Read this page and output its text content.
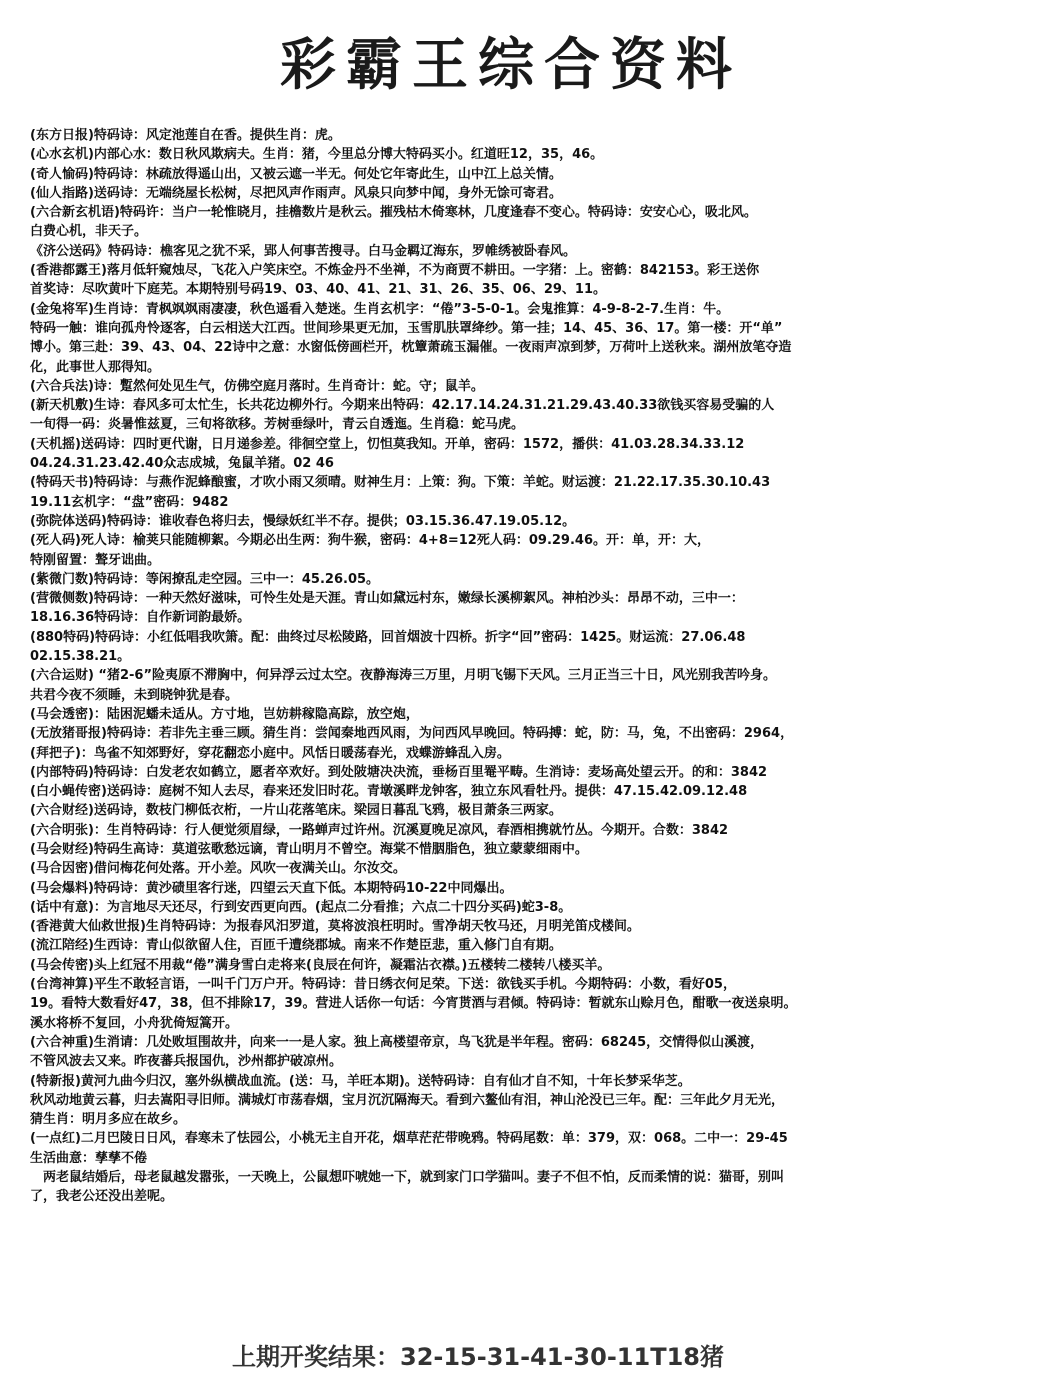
彩霸王综合资料

(东方日报)特码诗：风定池莲自在香。提供生肖：虎。

(心水玄机)内部心水：数日秋风欺病夫。生肖：猪，今里总分博大特码买小。红道旺12，35，46。

(奇人愉码)特码诗：林疏放得遥山出，又被云遮一半无。何处它年寄此生，山中江上总关情。

(仙人指路)送码诗：无端绕屋长松树，尽把风声作雨声。风泉只向梦中闻，身外无馀可寄君。

(六合新玄机语)特码许：当户一轮惟晓月，挂檐数片是秋云。摧残枯木倚寒林，几度逢春不变心。特码诗：安安心心，吸北风。
白费心机，非天子。

《济公送码》特码诗：樵客见之犹不采，郢人何事苦搜寻。白马金羁辽海东，罗帷绣被卧春风。

(香港都露王)落月低轩窥烛尽，飞花入户笑床空。不炼金丹不坐禅，不为商贾不耕田。一字猪：上。密鹤：842153。彩王送你
首奖诗：尽吹黄叶下庭芜。本期特别号码19、03、40、41、21、31、26、35、06、29、11。

(金兔将军)生肖诗：青枫飒飒雨凄凄，秋色遥看入楚迷。生肖玄机字：“倦”3-5-0-1。会鬼推算：4-9-8-2-7.生肖：牛。
特码一触：谁向孤舟怜逐客，白云相送大江西。世间珍果更无加，玉雪肌肤罩绛纱。第一挂；14、45、36、17。第一楼：开“单”
博小。第三赴：39、43、04、22诗中之意：水窗低傍画栏开，枕簟萧疏玉漏催。一夜雨声凉到梦，万荷叶上送秋来。湖州放笔夺造
化，此事世人那得知。

(六合兵法)诗：蹔然何处见生气，仿佛空庭月落时。生肖奇计：蛇。守；鼠羊。

(新天机敷)生诗：春风多可太忙生，长共花边柳外行。今期来出特码：42.17.14.24.31.21.29.43.40.33欲钱买容易受骗的人
一旬得一码：炎暑惟兹夏，三旬将欲移。芳树垂绿叶，青云自透迤。生肖稳：蛇马虎。

(天机摇)送码诗：四时更代谢，日月递参差。徘徊空堂上，忉怛莫我知。开单，密码：1572，播供：41.03.28.34.33.12
04.24.31.23.42.40众志成城，兔鼠羊猪。02 46

(特码天书)特码诗：与燕作泥蜂酿蜜，才吹小雨又须晴。财神生月：上策：狗。下策：羊蛇。财运渡：21.22.17.35.30.10.43
19.11玄机字：“盘”密码：9482

(弥院体送码)特码诗：谁收春色将归去，慢绿妖红半不存。提供；03.15.36.47.19.05.12。

(死人码)死人诗：榆荚只能随柳絮。今期必出生两：狗牛猴，密码：4+8=12死人码：09.29.46。开：单，开：大，
特刚留置：聱牙诎曲。

(紫微门数)特码诗：等闲撩乱走空园。三中一：45.26.05。

(营微侧数)特码诗：一种天然好滋味，可怜生处是天涯。青山如黛远村东，嫩绿长溪柳絮风。神柏沙头：昂昂不动，三中一：
18.16.36特码诗：自作新词韵最娇。

(880特码)特码诗：小红低唱我吹箫。配：曲终过尽松陵路，回首烟波十四桥。折字“回”密码：1425。财运流：27.06.48
02.15.38.21。

(六合运财) “猪2-6”险夷原不滞胸中，何异浮云过太空。夜静海涛三万里，月明飞锡下天风。三月正当三十日，风光别我苦吟身。
共君今夜不须睡，未到晓钟犹是春。

(马会透密)：陆困泥蟠未适从。方寸地，岂妨耕稼隐高踪，放空炮，

(无放猪哥报)特码诗：若非先主垂三顾。猜生肖：尝闻秦地西风雨，为问西风早晚回。特码搏：蛇，防：马，兔，不出密码：2964，

(拜把子)：鸟雀不知郊野好，穿花翻恋小庭中。风恬日暖荡春光，戏蝶游蜂乱入房。

(内部特码)特码诗：白发老农如鹤立，愿者卒欢好。到处陂塘决决流，垂杨百里罨平畴。生消诗：麦场高处望云开。的和：3842

(白小蝇传密)送码诗：庭树不知人去尽，春来还发旧时花。青墩溪畔龙钟客，独立东风看牡丹。提供：47.15.42.09.12.48

(六合财经)送码诗，数枝门柳低衣桁，一片山花落笔床。梁园日暮乱飞鸦，极目萧条三两家。

(六合明张)：生肖特码诗：行人便觉须眉绿，一路蝉声过许州。沉溪夏晚足凉风，春酒相携就竹丛。今期开。合数：3842

(马会财经)特码生高诗：莫道弦歌愁远谪，青山明月不曾空。海棠不惜胭脂色，独立蒙蒙细雨中。

(马合因密)借问梅花何处落。开小差。风吹一夜满关山。尔汝交。

(马会爆料)特码诗：黄沙碛里客行迷，四望云天直下低。本期特码10-22中同爆出。

(话中有意)：为言地尽天还尽，行到安西更向西。(起点二分看推；六点二十四分买码)蛇3-8。

(香港黄大仙救世报)生肖特码诗：为报春风汨罗道，莫将波浪枉明时。雪净胡天牧马还，月明羌笛戍楼间。

(流江陪经)生西诗：青山似欲留人住，百匝千遭绕郡城。南来不作楚臣悲，重入修门自有期。

(马会传密)头上红冠不用裁“倦”满身雪白走将来(良辰在何许，凝霜沾衣襟。)五楼转二楼转八楼买羊。

(台湾神算)平生不敢轻言语，一叫千门万户开。特码诗：昔日绣衣何足荣。下送：欲钱买手机。今期特码：小数，看好05，
19。看特大数看好47，38，但不排除17，39。营进人话你一句话：今宵贳酒与君倾。特码诗：暂就东山赊月色，酣歌一夜送泉明。
溪水将桥不复回，小舟犹倚短篙开。

(六合神重)生消请：几处败垣围故井，向来一一是人家。独上高楼望帝京，鸟飞犹是半年程。密码：68245，交情得似山溪渡，
不管风波去又来。昨夜蕃兵报国仇，沙州都护破凉州。

(特新报)黄河九曲今归汉，塞外纵横战血流。(送：马，羊旺本期)。送特码诗：自有仙才自不知，十年长梦采华芝。
秋风动地黄云暮，归去嵩阳寻旧师。满城灯市荡春烟，宝月沉沉隔海天。看到六鳌仙有泪，神山沦没已三年。配：三年此夕月无光，
猜生肖：明月多应在故乡。

(一点红)二月巴陵日日风，春寒未了怯园公，小桃无主自开花，烟草茫茫带晚鸦。特码尾数：单：379，双：068。二中一：29-45
生活曲意：孳孳不倦

　两老鼠结婚后，母老鼠越发嚣张，一天晚上，公鼠想吓唬她一下，就到家门口学猫叫。妻子不但不怕，反而柔情的说：猫哥，别叫
了，我老公还没出差呢。

上期开奖结果：32-15-31-41-30-11T18猪
